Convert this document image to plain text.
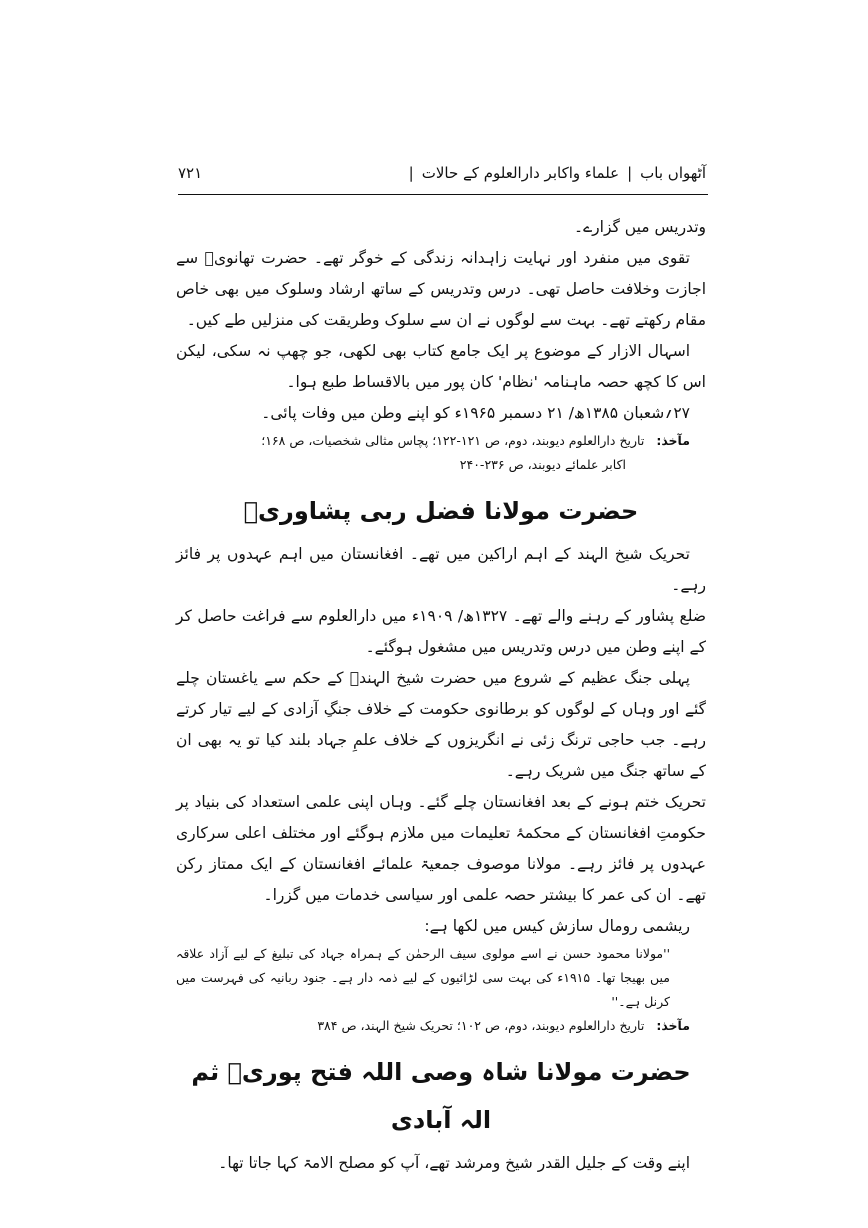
آٹھواں باب
|
علماء واکابر دارالعلوم کے حالات
|
۷۲۱

وتدریس میں گزارے۔

تقوی میں منفرد اور نہایت زاہدانہ زندگی کے خوگر تھے۔ حضرت تھانویؒ سے اجازت وخلافت حاصل تھی۔ درس وتدریس کے ساتھ ارشاد وسلوک میں بھی خاص مقام رکھتے تھے۔ بہت سے لوگوں نے ان سے سلوک وطریقت کی منزلیں طے کیں۔

اسہال الازار کے موضوع پر ایک جامع کتاب بھی لکھی، جو چھپ نہ سکی، لیکن اس کا کچھ حصہ ماہنامہ 'نظام' کان پور میں بالاقساط طبع ہوا۔

۲۷؍شعبان ۱۳۸۵ھ/ ۲۱ دسمبر ۱۹۶۵ء کو اپنے وطن میں وفات پائی۔

مآخذ:تاریخ دارالعلوم دیوبند، دوم، ص ۱۲۱-۱۲۲؛ پچاس مثالی شخصیات، ص ۱۶۸؛

اکابر علمائے دیوبند، ص ۲۳۶-۲۴۰

حضرت مولانا فضل ربی پشاوریؒ

تحریک شیخ الہند کے اہم اراکین میں تھے۔ افغانستان میں اہم عہدوں پر فائز رہے۔

ضلع پشاور کے رہنے والے تھے۔ ۱۳۲۷ھ/ ۱۹۰۹ء میں دارالعلوم سے فراغت حاصل کر کے اپنے وطن میں درس وتدریس میں مشغول ہوگئے۔

پہلی جنگ عظیم کے شروع میں حضرت شیخ الہندؒ کے حکم سے یاغستان چلے گئے اور وہاں کے لوگوں کو برطانوی حکومت کے خلاف جنگِ آزادی کے لیے تیار کرتے رہے۔ جب حاجی ترنگ زئی نے انگریزوں کے خلاف علمِ جہاد بلند کیا تو یہ بھی ان کے ساتھ جنگ میں شریک رہے۔

تحریک ختم ہونے کے بعد افغانستان چلے گئے۔ وہاں اپنی علمی استعداد کی بنیاد پر حکومتِ افغانستان کے محکمۂ تعلیمات میں ملازم ہوگئے اور مختلف اعلی سرکاری عہدوں پر فائز رہے۔ مولانا موصوف جمعیۃ علمائے افغانستان کے ایک ممتاز رکن تھے۔ ان کی عمر کا بیشتر حصہ علمی اور سیاسی خدمات میں گزرا۔

ریشمی رومال سازش کیس میں لکھا ہے:

''مولانا محمود حسن نے اسے مولوی سیف الرحمٰن کے ہمراہ جہاد کی تبلیغ کے لیے آزاد علاقہ میں بھیجا تھا۔ ۱۹۱۵ء کی بہت سی لڑائیوں کے لیے ذمہ دار ہے۔ جنود ربانیہ کی فہرست میں کرنل ہے۔''

مآخذ:تاریخ دارالعلوم دیوبند، دوم، ص ۱۰۲؛ تحریک شیخ الہند، ص ۳۸۴

حضرت مولانا شاہ وصی اللہ فتح پوریؒ ثم الہ آبادی

اپنے وقت کے جلیل القدر شیخ ومرشد تھے، آپ کو مصلح الامۃ کہا جاتا تھا۔
